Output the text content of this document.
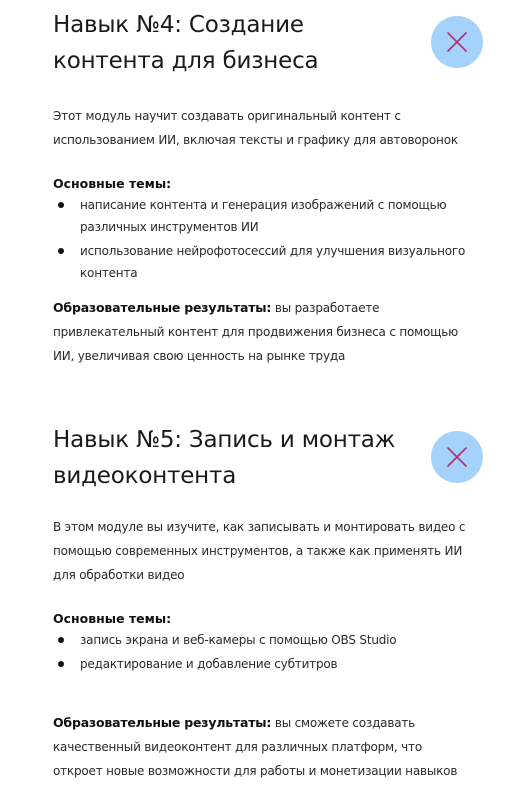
Навык №4: Создание контента для бизнеса

Этот модуль научит создавать оригинальный контент с использованием ИИ, включая тексты и графику для автоворонок

Основные темы:

написание контента и генерация изображений с помощью различных инструментов ИИ
использование нейрофотосессий для улучшения визуального контента

Образовательные результаты: вы разработаете привлекательный контент для продвижения бизнеса с помощью ИИ, увеличивая свою ценность на рынке труда

Навык №5: Запись и монтаж видеоконтента

В этом модуле вы изучите, как записывать и монтировать видео с помощью современных инструментов, а также как применять ИИ для обработки видео

Основные темы:

запись экрана и веб-камеры с помощью OBS Studio
редактирование и добавление субтитров

Образовательные результаты: вы сможете создавать качественный видеоконтент для различных платформ, что откроет новые возможности для работы и монетизации навыков
